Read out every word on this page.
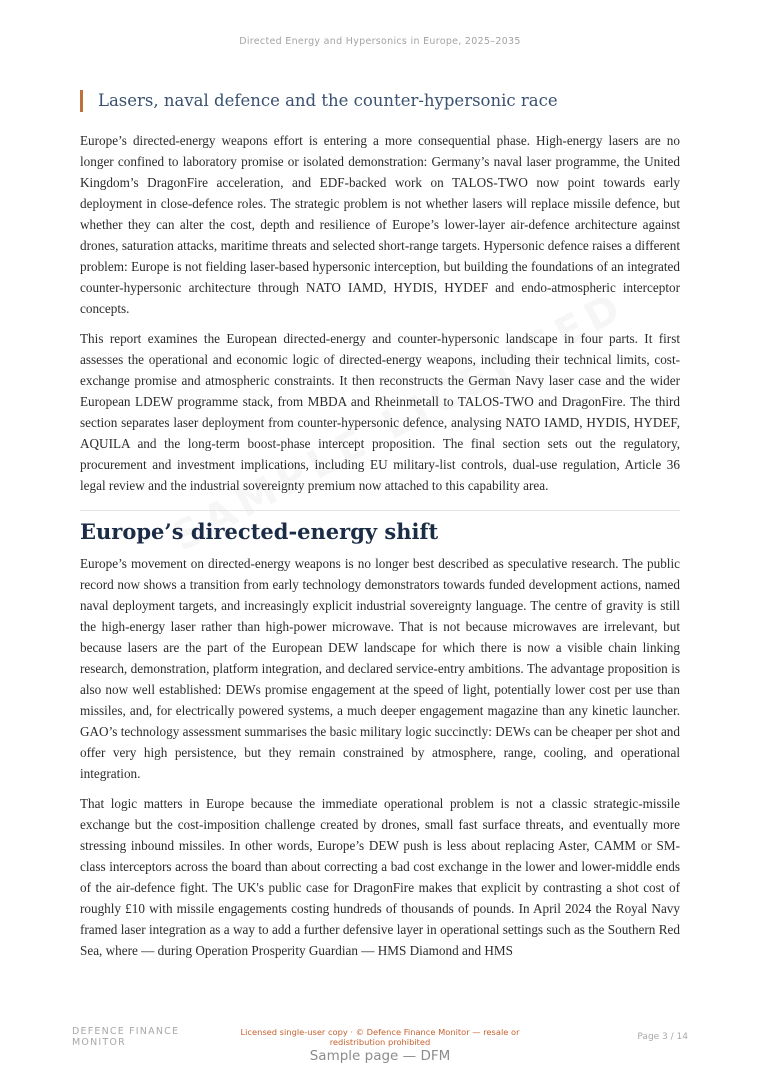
Directed Energy and Hypersonics in Europe, 2025–2035
Lasers, naval defence and the counter-hypersonic race

Europe’s directed-energy weapons effort is entering a more consequential phase. High-energy lasers are no longer confined to laboratory promise or isolated demonstration: Germany’s naval laser programme, the United Kingdom’s DragonFire acceleration, and EDF-backed work on TALOS-TWO now point towards early deployment in close-defence roles. The strategic problem is not whether lasers will replace missile defence, but whether they can alter the cost, depth and resilience of Europe’s lower-layer air-defence architecture against drones, saturation attacks, maritime threats and selected short-range targets. Hypersonic defence raises a different problem: Europe is not fielding laser-based hypersonic interception, but building the foundations of an integrated counter-hypersonic architecture through NATO IAMD, HYDIS, HYDEF and endo-atmospheric interceptor concepts.

This report examines the European directed-energy and counter-hypersonic landscape in four parts. It first assesses the operational and economic logic of directed-energy weapons, including their technical limits, cost-exchange promise and atmospheric constraints. It then reconstructs the German Navy laser case and the wider European LDEW programme stack, from MBDA and Rheinmetall to TALOS-TWO and DragonFire. The third section separates laser deployment from counter-hypersonic defence, analysing NATO IAMD, HYDIS, HYDEF, AQUILA and the long-term boost-phase intercept proposition. The final section sets out the regulatory, procurement and investment implications, including EU military-list controls, dual-use regulation, Article 36 legal review and the industrial sovereignty premium now attached to this capability area.

Europe’s directed-energy shift

Europe’s movement on directed-energy weapons is no longer best described as speculative research. The public record now shows a transition from early technology demonstrators towards funded development actions, named naval deployment targets, and increasingly explicit industrial sovereignty language. The centre of gravity is still the high-energy laser rather than high-power microwave. That is not because microwaves are irrelevant, but because lasers are the part of the European DEW landscape for which there is now a visible chain linking research, demonstration, platform integration, and declared service-entry ambitions. The advantage proposition is also now well established: DEWs promise engagement at the speed of light, potentially lower cost per use than missiles, and, for electrically powered systems, a much deeper engagement magazine than any kinetic launcher. GAO’s technology assessment summarises the basic military logic succinctly: DEWs can be cheaper per shot and offer very high persistence, but they remain constrained by atmosphere, range, cooling, and operational integration.

That logic matters in Europe because the immediate operational problem is not a classic strategic-missile exchange but the cost-imposition challenge created by drones, small fast surface threats, and eventually more stressing inbound missiles. In other words, Europe’s DEW push is less about replacing Aster, CAMM or SM-class interceptors across the board than about correcting a bad cost exchange in the lower and lower-middle ends of the air-defence fight. The UK's public case for DragonFire makes that explicit by contrasting a shot cost of roughly £10 with missile engagements costing hundreds of thousands of pounds. In April 2024 the Royal Navy framed laser integration as a way to add a further defensive layer in operational settings such as the Southern Red Sea, where — during Operation Prosperity Guardian — HMS Diamond and HMS

DEFENCE FINANCE
MONITOR
Licensed single-user copy · © Defence Finance Monitor — resale or redistribution prohibited	Page 3 / 14
Sample page — DFM
